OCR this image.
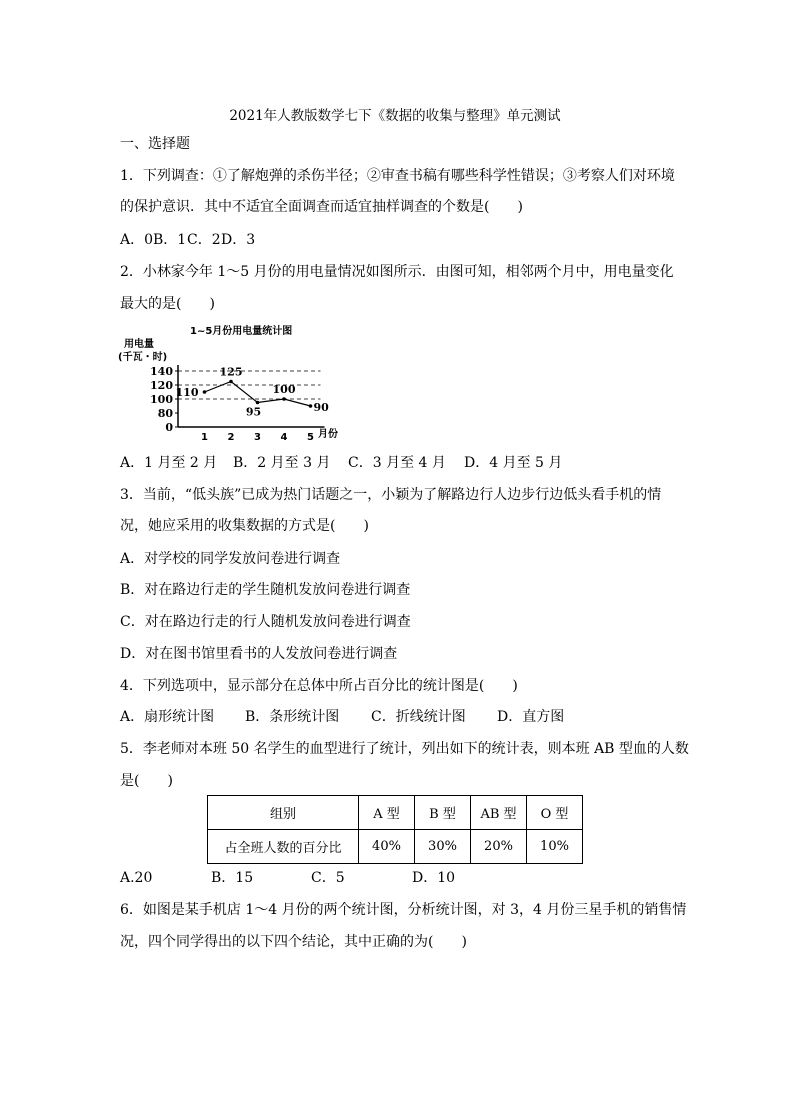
2021年人教版数学七下《数据的收集与整理》单元测试
一、选择题
1．下列调查：①了解炮弹的杀伤半径；②审查书稿有哪些科学性错误；③考察人们对环境
的保护意识．其中不适宜全面调查而适宜抽样调查的个数是(　　)
A．0B．1C．2D．3
2．小林家今年 1～5 月份的用电量情况如图所示．由图可知，相邻两个月中，用电量变化
最大的是(　　)
1~5月份用电量统计图
用电量
(千瓦・时)
月份
0
80
100
120
140
1 2 3 4 5
110
125
95
100
90
A．1 月至 2 月 B．2 月至 3 月 C．3 月至 4 月 D．4 月至 5 月
3．当前，“低头族”已成为热门话题之一，小颖为了解路边行人边步行边低头看手机的情
况，她应采用的收集数据的方式是(　　)
A．对学校的同学发放问卷进行调查
B．对在路边行走的学生随机发放问卷进行调查
C．对在路边行走的行人随机发放问卷进行调查
D．对在图书馆里看书的人发放问卷进行调查
4．下列选项中，显示部分在总体中所占百分比的统计图是(　　)
A．扇形统计图 B．条形统计图 C．折线统计图 D．直方图
5．李老师对本班 50 名学生的血型进行了统计，列出如下的统计表，则本班 AB 型血的人数
是(　　)
组别	A 型	B 型	AB 型	O 型
占全班人数的百分比	40%	30%	20%	10%
A.20	B．15	C．5	D．10
6．如图是某手机店 1～4 月份的两个统计图，分析统计图，对 3，4 月份三星手机的销售情
况，四个同学得出的以下四个结论，其中正确的为(　　)
